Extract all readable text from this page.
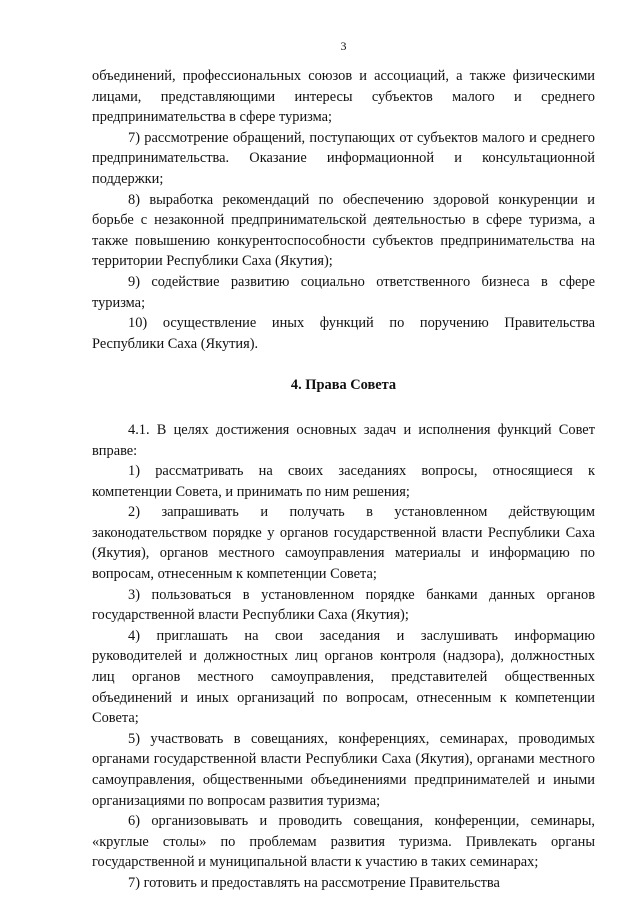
3

объединений, профессиональных союзов и ассоциаций, а также физическими лицами, представляющими интересы субъектов малого и среднего предпринимательства в сфере туризма;

7) рассмотрение обращений, поступающих от субъектов малого и среднего предпринимательства. Оказание информационной и консультационной поддержки;

8) выработка рекомендаций по обеспечению здоровой конкуренции и борьбе с незаконной предпринимательской деятельностью в сфере туризма, а также повышению конкурентоспособности субъектов предпринимательства на территории Республики Саха (Якутия);

9) содействие развитию социально ответственного бизнеса в сфере туризма;

10) осуществление иных функций по поручению Правительства Республики Саха (Якутия).

4. Права Совета

4.1. В целях достижения основных задач и исполнения функций Совет вправе:

1) рассматривать на своих заседаниях вопросы, относящиеся к компетенции Совета, и принимать по ним решения;

2) запрашивать и получать в установленном действующим законодательством порядке у органов государственной власти Республики Саха (Якутия), органов местного самоуправления материалы и информацию по вопросам, отнесенным к компетенции Совета;

3) пользоваться в установленном порядке банками данных органов государственной власти Республики Саха (Якутия);

4) приглашать на свои заседания и заслушивать информацию руководителей и должностных лиц органов контроля (надзора), должностных лиц органов местного самоуправления, представителей общественных объединений и иных организаций по вопросам, отнесенным к компетенции Совета;

5) участвовать в совещаниях, конференциях, семинарах, проводимых органами государственной власти Республики Саха (Якутия), органами местного самоуправления, общественными объединениями предпринимателей и иными организациями по вопросам развития туризма;

6) организовывать и проводить совещания, конференции, семинары, «круглые столы» по проблемам развития туризма. Привлекать органы государственной и муниципальной власти к участию в таких семинарах;

7) готовить и предоставлять на рассмотрение Правительства
